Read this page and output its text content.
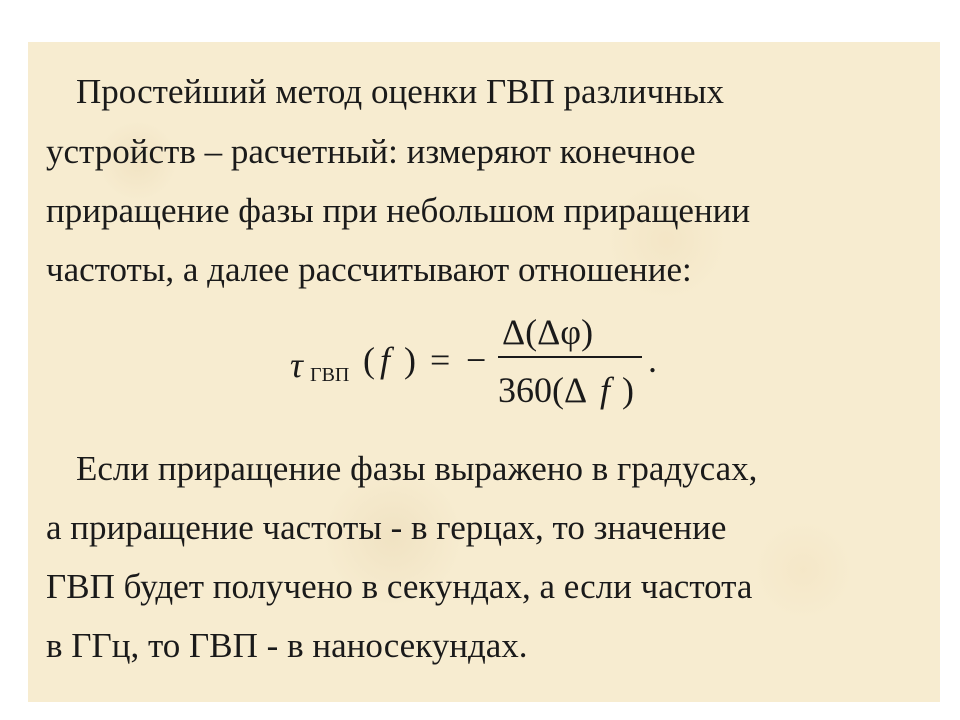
Простейший метод оценки ГВП различных
устройств – расчетный: измеряют конечное
приращение фазы при небольшом приращении
частоты, а далее рассчитывают отношение:
τ ГВП ( f ) = −
Δ(Δφ)
360(Δ f )
.
Если приращение фазы выражено в градусах,
а приращение частоты - в герцах, то значение
ГВП будет получено в секундах, а если частота
в ГГц, то ГВП - в наносекундах.
